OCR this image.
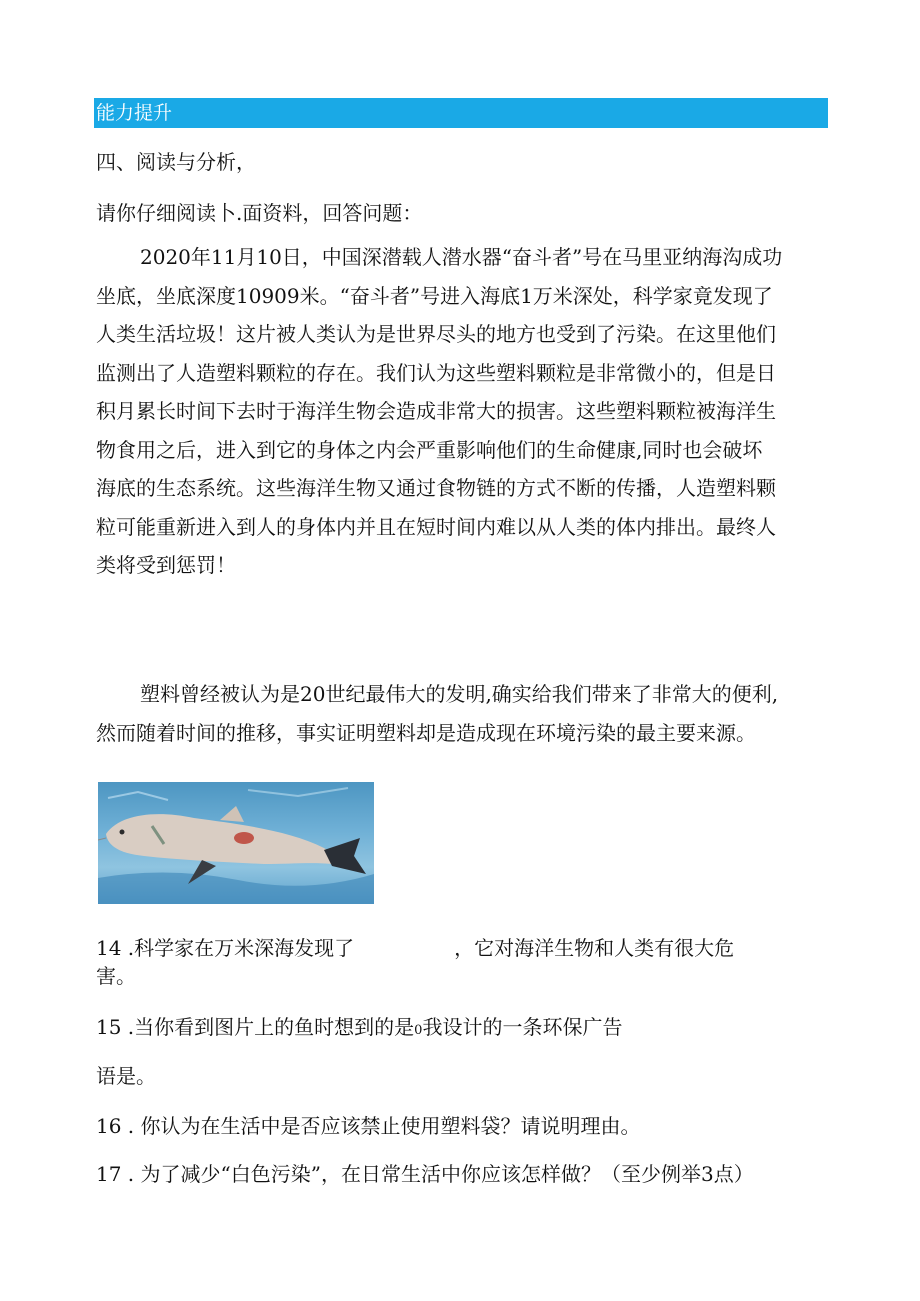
能力提升
四、阅读与分析，
请你仔细阅读卜.面资料，回答问题：
2020年11月10日，中国深潜载人潜水器“奋斗者”号在马里亚纳海沟成功
坐底，坐底深度10909米。“奋斗者”号进入海底1万米深处，科学家竟发现了
人类生活垃圾！这片被人类认为是世界尽头的地方也受到了污染。在这里他们
监测出了人造塑料颗粒的存在。我们认为这些塑料颗粒是非常微小的，但是日
积月累长时间下去时于海洋生物会造成非常大的损害。这些塑料颗粒被海洋生
物食用之后，进入到它的身体之内会严重影响他们的生命健康,同时也会破坏
海底的生态系统。这些海洋生物又通过食物链的方式不断的传播，人造塑料颗
粒可能重新进入到人的身体内并且在短时间内难以从人类的体内排出。最终人
类将受到惩罚！
塑料曾经被认为是20世纪最伟大的发明,确实给我们带来了非常大的便利,
然而随着时间的推移，事实证明塑料却是造成现在环境污染的最主要来源。
14 .科学家在万米深海发现了	，它对海洋生物和人类有很大危
害。
15 .当你看到图片上的鱼时想到的是0我设计的一条环保广告
语是。
16 . 你认为在生活中是否应该禁止使用塑料袋？请说明理由。
17 . 为了减少“白色污染”，在日常生活中你应该怎样做？（至少例举3点）
